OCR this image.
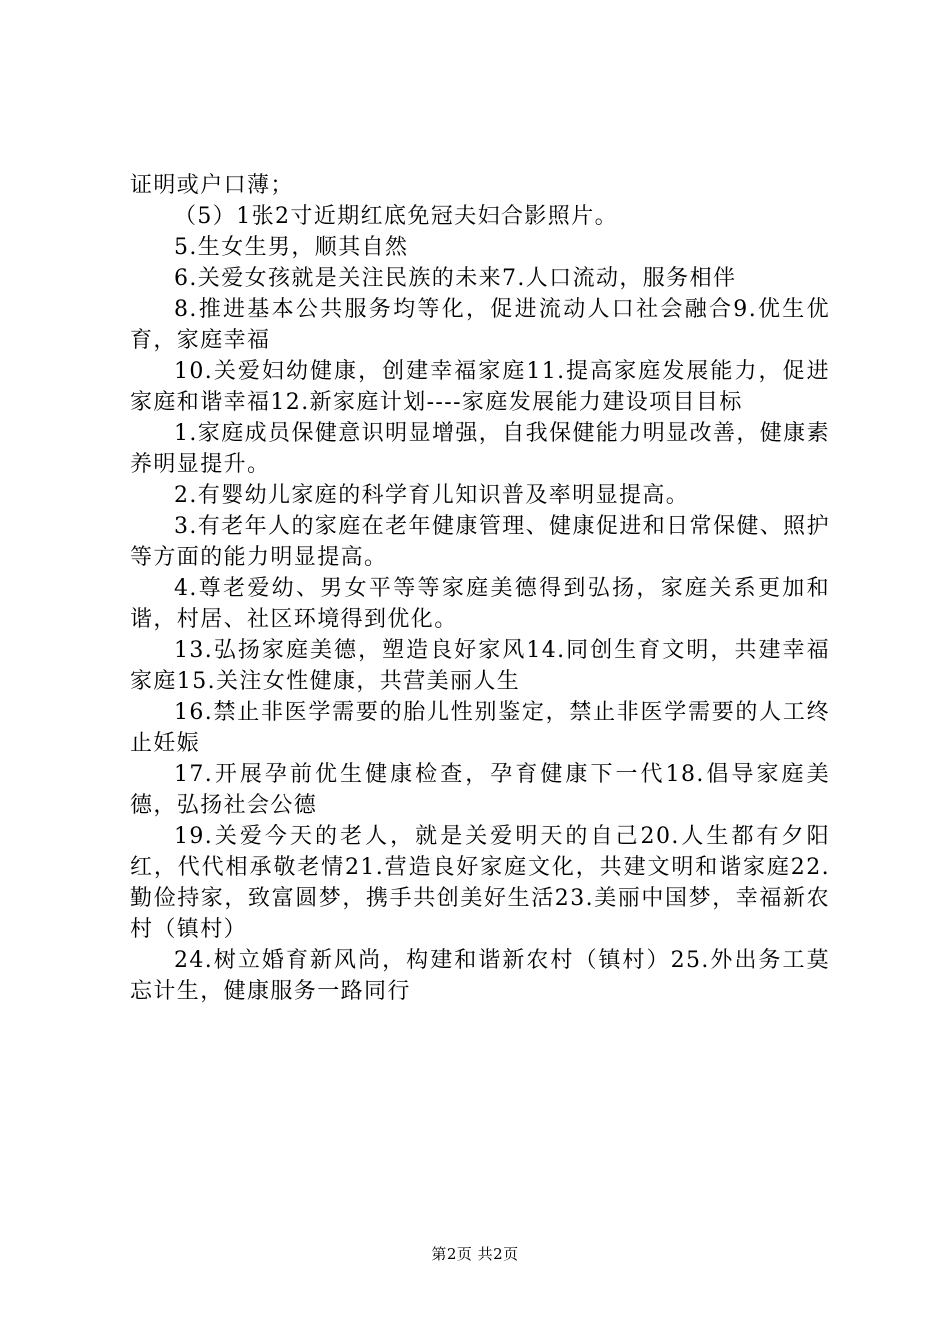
证明或户口薄；

（5）1张2寸近期红底免冠夫妇合影照片。

5.生女生男，顺其自然

6.关爱女孩就是关注民族的未来7.人口流动，服务相伴

8.推进基本公共服务均等化，促进流动人口社会融合9.优生优育，家庭幸福

10.关爱妇幼健康，创建幸福家庭11.提高家庭发展能力，促进家庭和谐幸福12.新家庭计划----家庭发展能力建设项目目标

1.家庭成员保健意识明显增强，自我保健能力明显改善，健康素养明显提升。

2.有婴幼儿家庭的科学育儿知识普及率明显提高。

3.有老年人的家庭在老年健康管理、健康促进和日常保健、照护等方面的能力明显提高。

4.尊老爱幼、男女平等等家庭美德得到弘扬，家庭关系更加和谐，村居、社区环境得到优化。

13.弘扬家庭美德，塑造良好家风14.同创生育文明，共建幸福家庭15.关注女性健康，共营美丽人生

16.禁止非医学需要的胎儿性别鉴定，禁止非医学需要的人工终止妊娠

17.开展孕前优生健康检查，孕育健康下一代18.倡导家庭美德，弘扬社会公德

19.关爱今天的老人，就是关爱明天的自己20.人生都有夕阳红，代代相承敬老情21.营造良好家庭文化，共建文明和谐家庭22.勤俭持家，致富圆梦，携手共创美好生活23.美丽中国梦，幸福新农村（镇村）

24.树立婚育新风尚，构建和谐新农村（镇村）25.外出务工莫忘计生，健康服务一路同行

第2页 共2页
